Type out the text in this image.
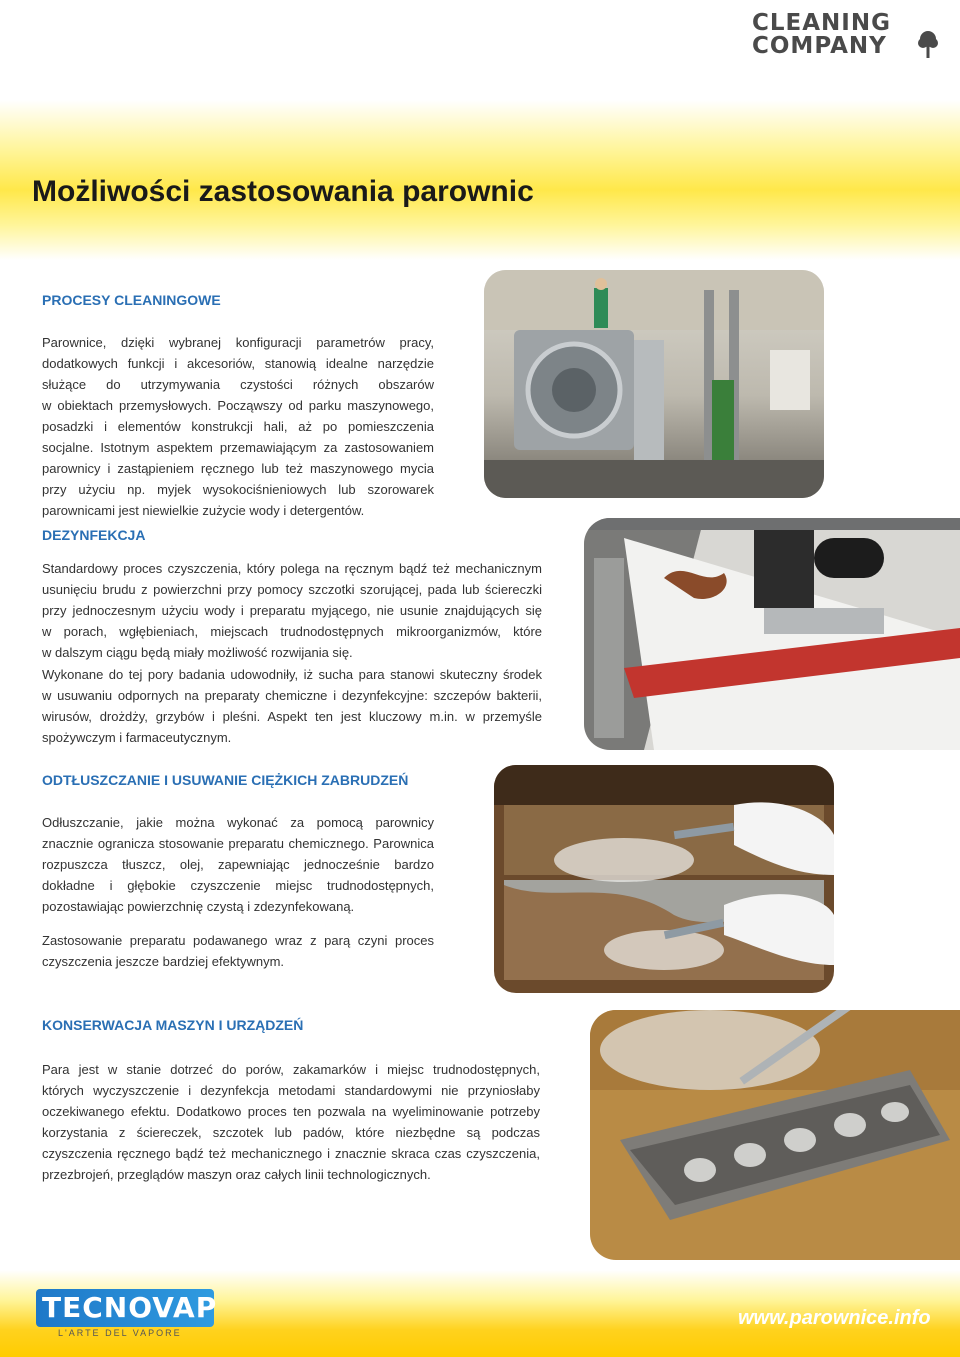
CLEANING
COMPANY
Możliwości zastosowania parownic
PROCESY CLEANINGOWE
Parownice, dzięki wybranej konfiguracji parametrów pracy,
dodatkowych funkcji i akcesoriów, stanowią idealne narzędzie
służące do utrzymywania czystości różnych obszarów
w obiektach przemysłowych. Począwszy od parku maszynowego,
posadzki i elementów konstrukcji hali, aż po pomieszczenia
socjalne. Istotnym aspektem przemawiającym za zastosowaniem
parownicy i zastąpieniem ręcznego lub też maszynowego mycia
przy użyciu np. myjek wysokociśnieniowych lub szorowarek
parownicami jest niewielkie zużycie wody i detergentów.
DEZYNFEKCJA
Standardowy proces czyszczenia, który polega na ręcznym bądź też mechanicznym
usunięciu brudu z powierzchni przy pomocy szczotki szorującej, pada lub ściereczki
przy jednoczesnym użyciu wody i preparatu myjącego, nie usunie znajdujących się
w porach, wgłębieniach, miejscach trudnodostępnych mikroorganizmów, które
w dalszym ciągu będą miały możliwość rozwijania się.
Wykonane do tej pory badania udowodniły, iż sucha para stanowi skuteczny środek
w usuwaniu odpornych na preparaty chemiczne i dezynfekcyjne: szczepów bakterii,
wirusów, drożdży, grzybów i pleśni. Aspekt ten jest kluczowy m.in. w przemyśle
spożywczym i farmaceutycznym.
ODTŁUSZCZANIE I USUWANIE CIĘŻKICH ZABRUDZEŃ
Odłuszczanie, jakie można wykonać za pomocą parownicy
znacznie ogranicza stosowanie preparatu chemicznego. Parownica
rozpuszcza tłuszcz, olej, zapewniając jednocześnie bardzo
dokładne i głębokie czyszczenie miejsc trudnodostępnych,
pozostawiając powierzchnię czystą i zdezynfekowaną.
Zastosowanie preparatu podawanego wraz z parą czyni proces
czyszczenia jeszcze bardziej efektywnym.
KONSERWACJA MASZYN I URZĄDZEŃ
Para jest w stanie dotrzeć do porów, zakamarków i miejsc trudnodostępnych,
których wyczyszczenie i dezynfekcja metodami standardowymi nie przyniosłaby
oczekiwanego efektu. Dodatkowo proces ten pozwala na wyeliminowanie potrzeby
korzystania z ściereczek, szczotek lub padów, które niezbędne są podczas
czyszczenia ręcznego bądź też mechanicznego i znacznie skraca czas czyszczenia,
przezbrojeń, przeglądów maszyn oraz całych linii technologicznych.
TECNOVAP
L'ARTE DEL VAPORE
www.parownice.info
